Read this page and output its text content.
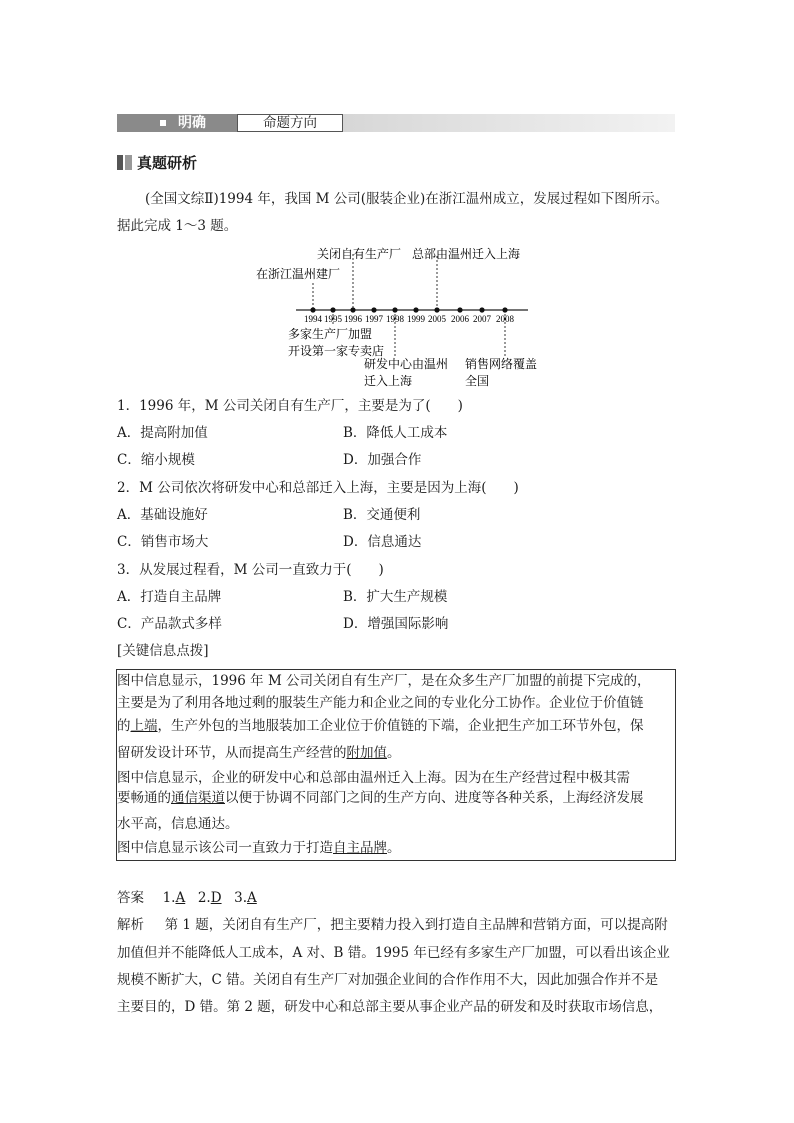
明确	命题方向
真题研析
(全国文综Ⅱ)1994 年，我国 M 公司(服装企业)在浙江温州成立，发展过程如下图所示。
据此完成 1～3 题。
1994 1995 1996 1997 1998 1999 2005 2006 2007 2008
关闭自有生产厂 总部由温州迁入上海
在浙江温州建厂
多家生产厂加盟
开设第一家专卖店
研发中心由温州
迁入上海
销售网络覆盖
全国
1．1996 年，M 公司关闭自有生产厂，主要是为了(　　)
A．提高附加值	B．降低人工成本
C．缩小规模	D．加强合作
2．M 公司依次将研发中心和总部迁入上海，主要是因为上海(　　)
A．基础设施好	B．交通便利
C．销售市场大	D．信息通达
3．从发展过程看，M 公司一直致力于(　　)
A．打造自主品牌	B．扩大生产规模
C．产品款式多样	D．增强国际影响
[关键信息点拨]
图中信息显示，1996 年 M 公司关闭自有生产厂，是在众多生产厂加盟的前提下完成的，
主要是为了利用各地过剩的服装生产能力和企业之间的专业化分工协作。企业位于价值链
的上端，生产外包的当地服装加工企业位于价值链的下端，企业把生产加工环节外包，保
留研发设计环节，从而提高生产经营的附加值。
图中信息显示，企业的研发中心和总部由温州迁入上海。因为在生产经营过程中极其需
要畅通的通信渠道以便于协调不同部门之间的生产方向、进度等各种关系，上海经济发展
水平高，信息通达。
图中信息显示该公司一直致力于打造自主品牌。
答案 1.A 2.D 3.A
解析 第 1 题，关闭自有生产厂，把主要精力投入到打造自主品牌和营销方面，可以提高附
加值但并不能降低人工成本，A 对、B 错。1995 年已经有多家生产厂加盟，可以看出该企业
规模不断扩大，C 错。关闭自有生产厂对加强企业间的合作作用不大，因此加强合作并不是
主要目的，D 错。第 2 题，研发中心和总部主要从事企业产品的研发和及时获取市场信息，
